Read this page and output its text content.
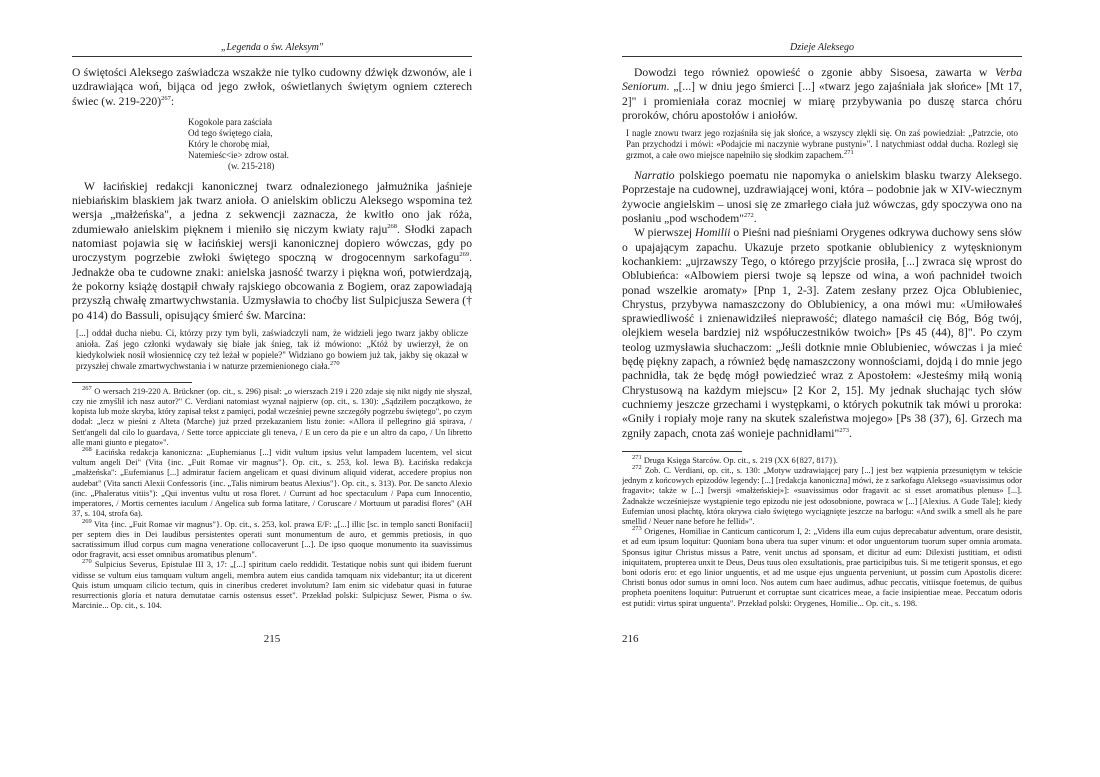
„Legenda o św. Aleksym"

O świętości Aleksego zaświadcza wszakże nie tylko cudowny dźwięk dzwonów, ale i uzdrawiająca woń, bijąca od jego zwłok, oświetlanych świętym ogniem czterech świec (w. 219-220)$^{267}$:

Kogokole para zaściała
Od tego świętego ciała,
Który le chorobę miał,
Natemieśc<ie> zdrow ostał.
(w. 215-218)

W łacińskiej redakcji kanonicznej twarz odnalezionego jałmużnika jaśnieje niebiańskim blaskiem jak twarz anioła. O anielskim obliczu Aleksego wspomina też wersja „małżeńska", a jedna z sekwencji zaznacza, że kwitło ono jak róża, zdumiewało anielskim pięknem i mieniło się niczym kwiaty raju$^{268}$. Słodki zapach natomiast pojawia się w łacińskiej wersji kanonicznej dopiero wówczas, gdy po uroczystym pogrzebie zwłoki świętego spoczną w drogocennym sarkofagu$^{269}$. Jednakże oba te cudowne znaki: anielska jasność twarzy i piękna woń, potwierdzają, że pokorny książę dostąpił chwały rajskiego obcowania z Bogiem, oraz zapowiadają przyszłą chwałę zmartwychwstania. Uzmysławia to choćby list Sulpicjusza Sewera († po 414) do Bassuli, opisujący śmierć św. Marcina:

[...] oddał ducha niebu. Ci, którzy przy tym byli, zaświadczyli nam, że widzieli jego twarz jakby oblicze anioła. Zaś jego członki wydawały się białe jak śnieg, tak iż mówiono: „Któż by uwierzył, że on kiedykolwiek nosił włosiennicę czy też leżał w popiele?" Widziano go bowiem już tak, jakby się okazał w przyszłej chwale zmartwychwstania i w naturze przemienionego ciała.$^{270}$

$^{267}$ O wersach 219-220 A. Brückner (op. cit., s. 296) pisał: „o wierszach 219 i 220 zdaje się nikt nigdy nie słyszał, czy nie zmyślił ich nasz autor?" C. Verdiani natomiast wyznał najpierw (op. cit., s. 130): „Sądziłem początkowo, że kopista lub może skryba, który zapisał tekst z pamięci, podał wcześniej pewne szczegóły pogrzebu świętego", po czym dodał: „lecz w pieśni z Alteta (Marche) już przed przekazaniem listu żonie: «Allora il pellegrino giá spirava, / Sett'angeli dal cilo lo guardava, / Sette torce appicciate gli teneva, / E un cero da pie e un altro da capo, / Un librettо alle mani giunto e piegato»".

$^{268}$ Łacińska redakcja kanoniczna: „Euphemianus [...] vidit vultum ipsius velut lampadem lucentem, vel sicut vultum angeli Dei" (Vita {inc. „Fuit Romae vir magnus"}. Op. cit., s. 253, kol. lewa B). Łacińska redakcja „małżeńska": „Eufemianus [...] admiratur faciem angelicam et quasi divinum aliquid viderat, accedere propius non audebat" (Vita sancti Alexii Confessoris {inc. „Talis nimirum beatus Alexius"}. Op. cit., s. 313). Por. De sancto Alexio (inc. „Phaleratus vitiis"): „Qui inventus vultu ut rosa floret. / Currunt ad hoc spectaculum / Papa cum Innocentio, imperatores, / Mortis cernentes iaculum / Angelica sub forma latitare, / Coruscare / Mortuum ut paradisi flores" (AH 37, s. 104, strofa 6a).

$^{269}$ Vita {inc. „Fuit Romae vir magnus"}. Op. cit., s. 253, kol. prawa E/F: „[...] illic [sc. in templo sancti Bonifacii] per septem dies in Dei laudibus persistentes operati sunt monumentum de auro, et gemmis pretiosis, in quo sacratissimum illud corpus cum magna veneratione collocaverunt [...]. De ipso quoque monumento ita suavissimus odor fragravit, acsi esset omnibus aromatibus plenum".

$^{270}$ Sulpicius Severus, Epistulae III 3, 17: „[...] spiritum caelo reddidit. Testatique nobis sunt qui ibidem fuerunt vidisse se vultum eius tamquam vultum angeli, membra autem eius candida tamquam nix videbantur; ita ut dicerent Quis istum umquam cilicio tectum, quis in cineribus crederet involutum? Iam enim sic videbatur quasi in futurae resurrectionis gloria et natura demutatae carnis ostensus esset". Przekład polski: Sulpicjusz Sewer, Pisma o św. Marcinie... Op. cit., s. 104.

215
Dzieje Aleksego

Dowodzi tego również opowieść o zgonie abby Sisoesa, zawarta w Verba Seniorum. „[...] w dniu jego śmierci [...] «twarz jego zajaśniała jak słońce» [Mt 17, 2]" i promieniała coraz mocniej w miarę przybywania po duszę starca chóru proroków, chóru apostołów i aniołów.

I nagle znowu twarz jego rozjaśniła się jak słońce, a wszyscy zlękli się. On zaś powiedział: „Patrzcie, oto Pan przychodzi i mówi: «Podajcie mi naczynie wybrane pustyni»". I natychmiast oddał ducha. Rozległ się grzmot, a całe owo miejsce napełniło się słodkim zapachem.$^{271}$

Narratio polskiego poematu nie napomyka o anielskim blasku twarzy Aleksego. Poprzestaje na cudownej, uzdrawiającej woni, która – podobnie jak w XIV-wiecznym żywocie angielskim – unosi się ze zmarłego ciała już wówczas, gdy spoczywa ono na posłaniu „pod wschodem"$^{272}$.

W pierwszej Homilii o Pieśni nad pieśniami Orygenes odkrywa duchowy sens słów o upajającym zapachu. Ukazuje przeto spotkanie oblubienicy z wytęsknionym kochankiem: „ujrzawszy Tego, o którego przyjście prosiła, [...] zwraca się wprost do Oblubieńca: «Albowiem piersi twoje są lepsze od wina, a woń pachnideł twoich ponad wszelkie aromaty» [Pnp 1, 2-3]. Zatem zesłany przez Ojca Oblubieniec, Chrystus, przybywa namaszczony do Oblubienicy, a ona mówi mu: «Umiłowałeś sprawiedliwość i znienawidziłeś nieprawość; dlatego namaścił cię Bóg, Bóg twój, olejkiem wesela bardziej niż współuczestników twoich» [Ps 45 (44), 8]". Po czym teolog uzmysławia słuchaczom: „Jeśli dotknie mnie Oblubieniec, wówczas i ja mieć będę piękny zapach, a również będę namaszczony wonnościami, dojdą i do mnie jego pachnidła, tak że będę mógł powiedzieć wraz z Apostołem: «Jesteśmy miłą wonią Chrystusową na każdym miejscu» [2 Kor 2, 15]. My jednak słuchając tych słów cuchniemy jeszcze grzechami i występkami, o których pokutnik tak mówi u proroka: «Gniły i ropiały moje rany na skutek szaleństwa mojego» [Ps 38 (37), 6]. Grzech ma zgniły zapach, cnota zaś wonieje pachnidłami"$^{273}$.

$^{271}$ Druga Księga Starców. Op. cit., s. 219 (XX 6{827, 817}).

$^{272}$ Zob. C. Verdiani, op. cit., s. 130: „Motyw uzdrawiającej pary [...] jest bez wątpienia przesuniętym w tekście jednym z końcowych epizodów legendy: [...] [redakcja kanoniczna] mówi, że z sarkofagu Aleksego «suavissimus odor fragavit»; także w [...] [wersji «małżeńskiej»]: «suavissimus odor fragavit ac si esset aromatibus plenus» [...]. Żadnakże wcześniejsze wystąpienie tego epizodu nie jest odosobnione, powraca w [...] [Alexius. A Gude Tale]; kiedy Eufemian unosi płachtę, która okrywa ciało świętego wyciągnięte jeszcze na barłogu: «And swilk a smell als he pare smellid / Neuer nane before he fellid»".

$^{273}$ Origenes, Homiliae in Canticum canticorum I, 2: „Videns illa eum cujus deprecabatur adventum, orare desistit, et ad eum ipsum loquitur: Quoniam bona ubera tua super vinum: et odor unguentorum tuorum super omnia aromata. Sponsus igitur Christus missus a Patre, venit unctus ad sponsam, et dicitur ad eum: Dilexisti justitiam, et odisti iniquitatem, propterea unxit te Deus, Deus tuus oleo exsultationis, prae participibus tuis. Si me tetigerit sponsus, et ego boni odoris ero: et ego linior unguentis, et ad me usque ejus unguenta perveniunt, ut possim cum Apostolis dicere: Christi bonus odor sumus in omni loco. Nos autem cum haec audimus, adhuc peccatis, vitiisque foetemus, de quibus propheta poenitens loquitur: Putruerunt et corruptae sunt cicatrices meae, a facie insipientiae meae. Peccatum odoris est putidi: virtus spirat unguenta". Przekład polski: Orygenes, Homilie... Op. cit., s. 198.

216
